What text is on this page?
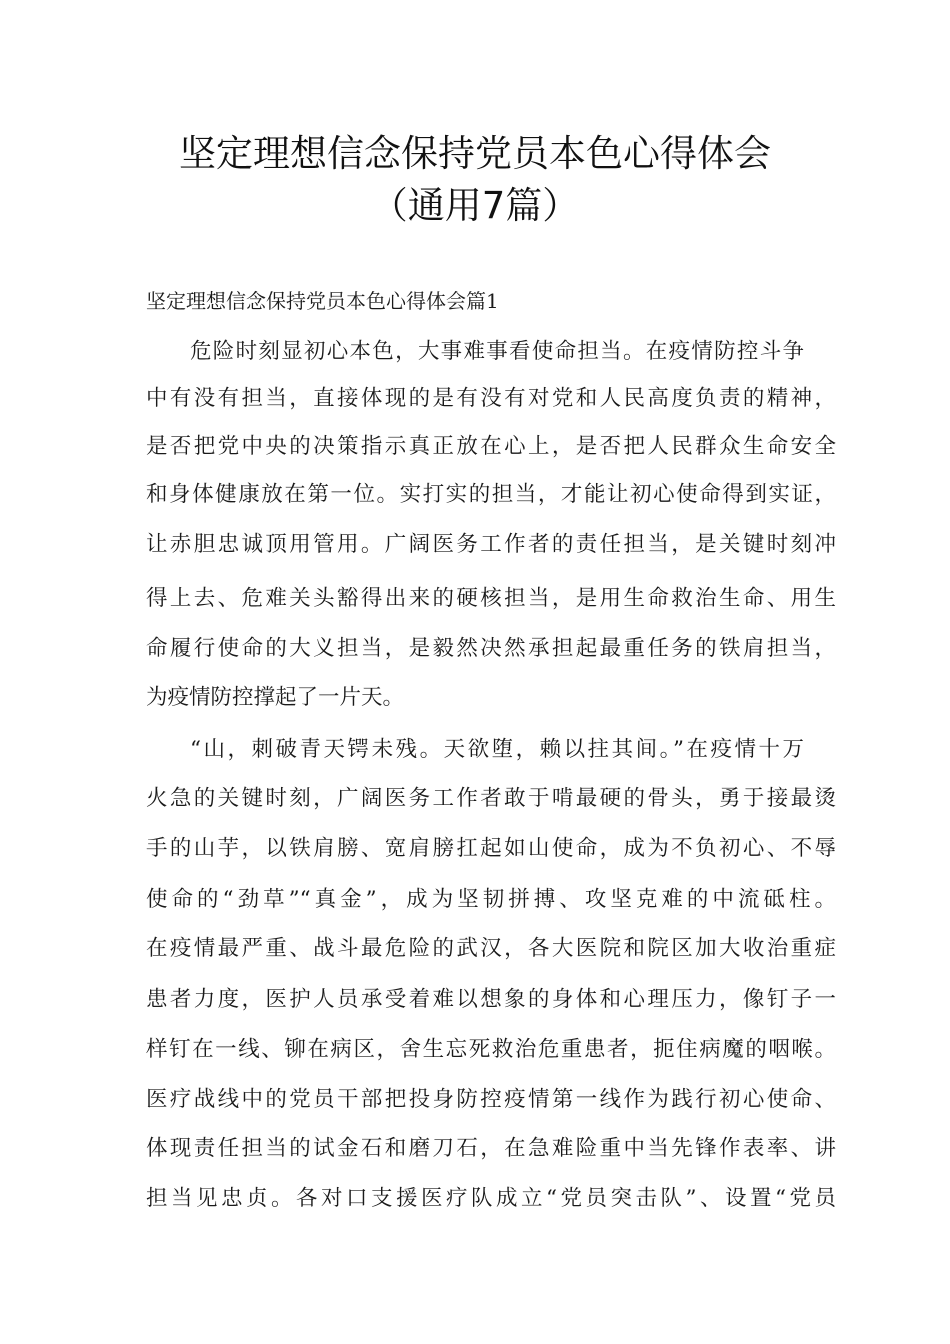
坚定理想信念保持党员本色心得体会
（通用7篇）
坚定理想信念保持党员本色心得体会篇1
危险时刻显初心本色，大事难事看使命担当。在疫情防控斗争
中有没有担当，直接体现的是有没有对党和人民高度负责的精神，
是否把党中央的决策指示真正放在心上，是否把人民群众生命安全
和身体健康放在第一位。实打实的担当，才能让初心使命得到实证，
让赤胆忠诚顶用管用。广阔医务工作者的责任担当，是关键时刻冲
得上去、危难关头豁得出来的硬核担当，是用生命救治生命、用生
命履行使命的大义担当，是毅然决然承担起最重任务的铁肩担当，
为疫情防控撑起了一片天。
“山，刺破青天锷未残。天欲堕，赖以拄其间。”在疫情十万
火急的关键时刻，广阔医务工作者敢于啃最硬的骨头，勇于接最烫
手的山芋，以铁肩膀、宽肩膀扛起如山使命，成为不负初心、不辱
使命的“劲草”“真金”，成为坚韧拼搏、攻坚克难的中流砥柱。
在疫情最严重、战斗最危险的武汉，各大医院和院区加大收治重症
患者力度，医护人员承受着难以想象的身体和心理压力，像钉子一
样钉在一线、铆在病区，舍生忘死救治危重患者，扼住病魔的咽喉。
医疗战线中的党员干部把投身防控疫情第一线作为践行初心使命、
体现责任担当的试金石和磨刀石，在急难险重中当先锋作表率、讲
担当见忠贞。各对口支援医疗队成立“党员突击队”、设置“党员
